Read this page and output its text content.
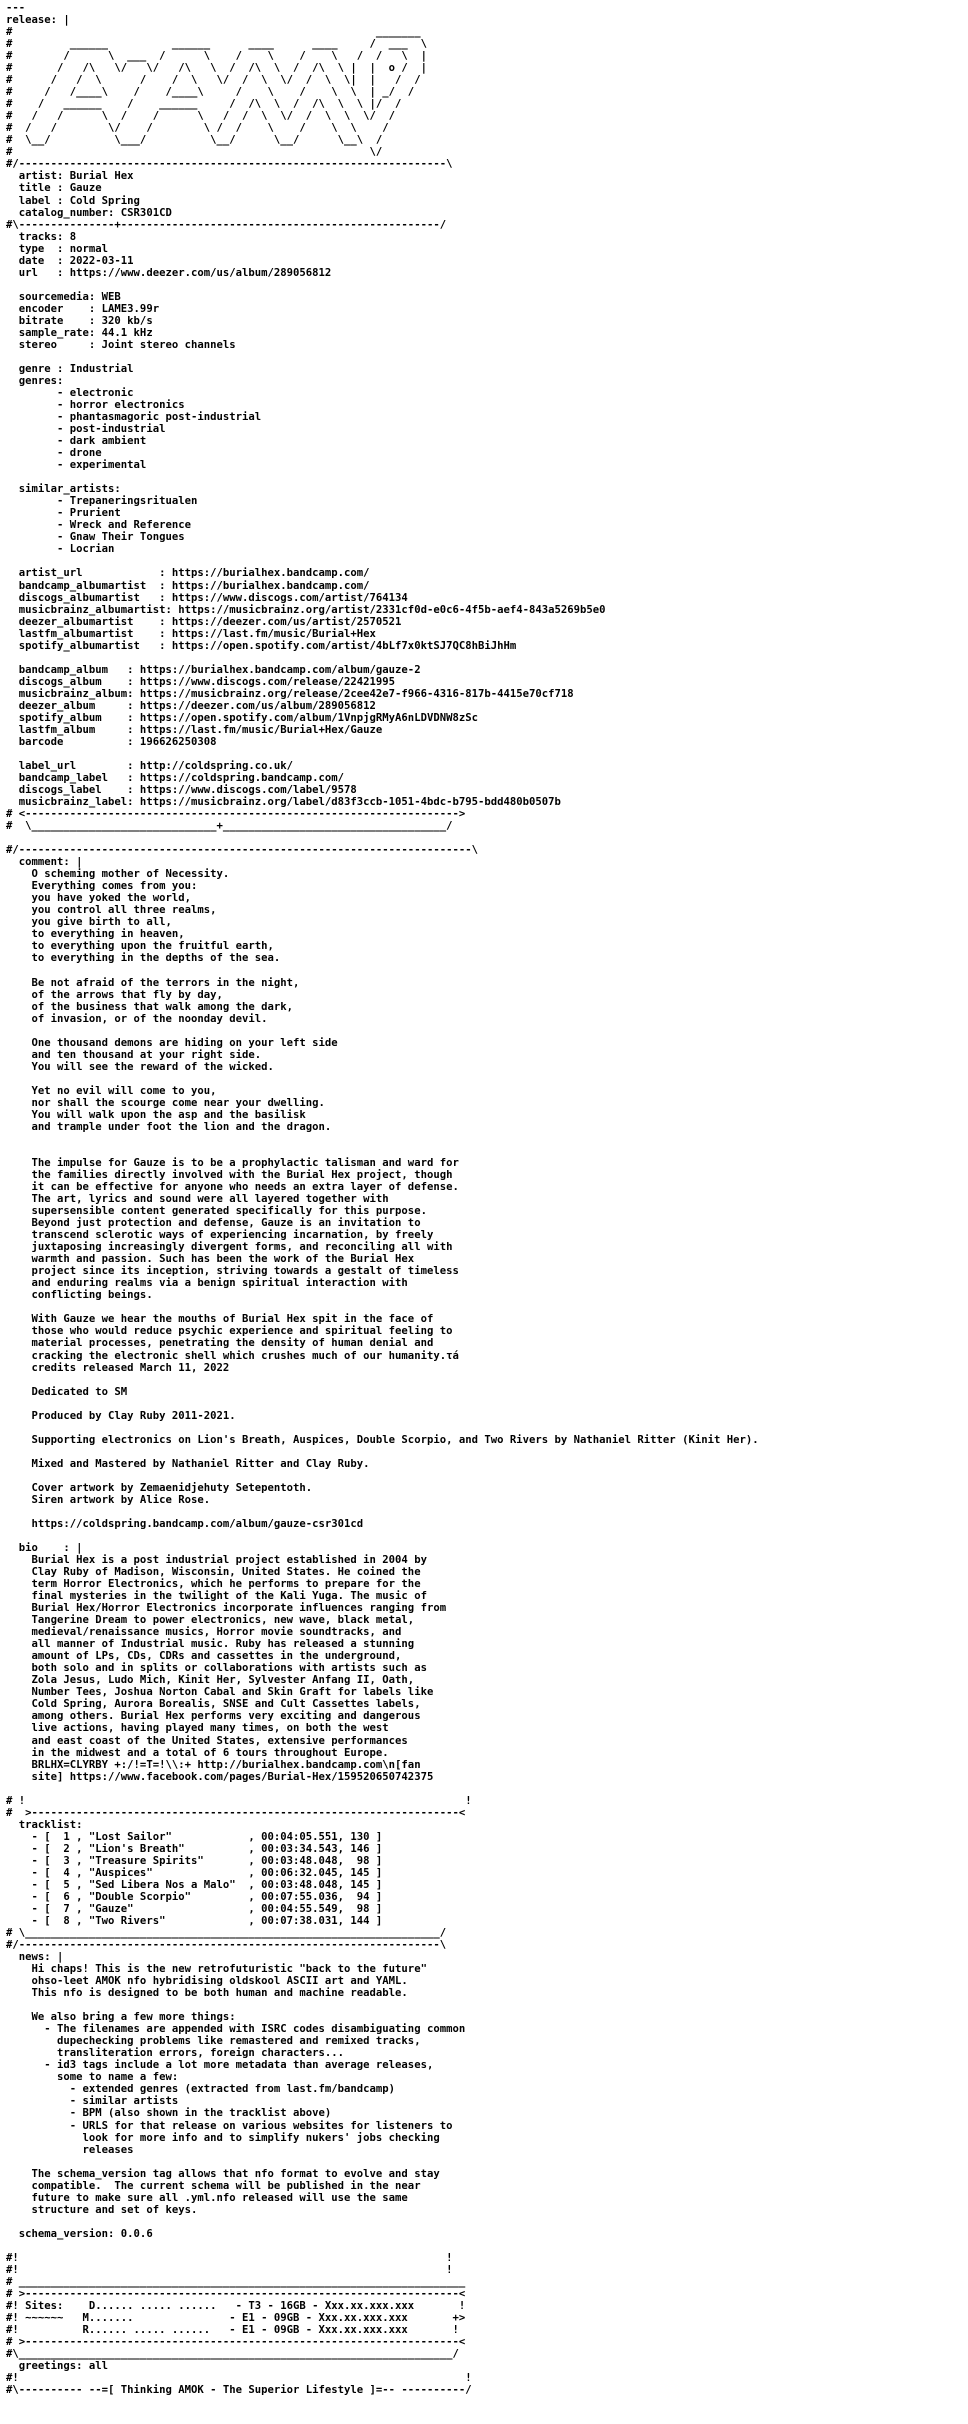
---
release: |
#                                                         _______
#         ______          ______      ____      ____     /  ___  \
#        /      \  ___  /      \    /    \    /    \   /  /   \  |
#       /   /\   \/   \/   /\   \  /  /\  \  /  /\  \ |  |  o /  |
#      /   /  \      /    /  \   \/  /  \  \/  /  \  \|  |   /  /
#     /   /____\    /    /____\     /    \    /    \  \  | _/  /
#    /   ______    /    ______     /  /\  \  /  /\  \  \ |/  /
#   /   /      \  /    /      \   /  /  \  \/  /  \  \  \/  /
#  /   /        \/    /        \ /  /    \    /    \  \    /
#  \__/          \___/          \__/      \__/      \__\  /
#                                                        \/
#/-------------------------------------------------------------------\
artist: Burial Hex
title : Gauze
label : Cold Spring
catalog_number: CSR301CD
#\---------------+--------------------------------------------------/
tracks: 8
type  : normal
date  : 2022-03-11
url   : https://www.deezer.com/us/album/289056812

sourcemedia: WEB
encoder    : LAME3.99r
bitrate    : 320 kb/s
sample_rate: 44.1 kHz
stereo     : Joint stereo channels

genre : Industrial
genres:
- electronic
- horror electronics
- phantasmagoric post-industrial
- post-industrial
- dark ambient
- drone
- experimental

similar_artists:
- Trepaneringsritualen
- Prurient
- Wreck and Reference
- Gnaw Their Tongues
- Locrian

artist_url            : https://burialhex.bandcamp.com/
bandcamp_albumartist  : https://burialhex.bandcamp.com/
discogs_albumartist   : https://www.discogs.com/artist/764134
musicbrainz_albumartist: https://musicbrainz.org/artist/2331cf0d-e0c6-4f5b-aef4-843a5269b5e0
deezer_albumartist    : https://deezer.com/us/artist/2570521
lastfm_albumartist    : https://last.fm/music/Burial+Hex
spotify_albumartist   : https://open.spotify.com/artist/4bLf7x0ktSJ7QC8hBiJhHm

bandcamp_album   : https://burialhex.bandcamp.com/album/gauze-2
discogs_album    : https://www.discogs.com/release/22421995
musicbrainz_album: https://musicbrainz.org/release/2cee42e7-f966-4316-817b-4415e70cf718
deezer_album     : https://deezer.com/us/album/289056812
spotify_album    : https://open.spotify.com/album/1VnpjgRMyA6nLDVDNW8zSc
lastfm_album     : https://last.fm/music/Burial+Hex/Gauze
barcode          : 196626250308

label_url        : http://coldspring.co.uk/
bandcamp_label   : https://coldspring.bandcamp.com/
discogs_label    : https://www.discogs.com/label/9578
musicbrainz_label: https://musicbrainz.org/label/d83f3ccb-1051-4bdc-b795-bdd480b0507b
# <-------------------------------------------------------------------->
#  \_____________________________+___________________________________/

#/-----------------------------------------------------------------------\
comment: |
O scheming mother of Necessity.
Everything comes from you:
you have yoked the world,
you control all three realms,
you give birth to all,
to everything in heaven,
to everything upon the fruitful earth,
to everything in the depths of the sea.

Be not afraid of the terrors in the night,
of the arrows that fly by day,
of the business that walk among the dark,
of invasion, or of the noonday devil.

One thousand demons are hiding on your left side
and ten thousand at your right side.
You will see the reward of the wicked.

Yet no evil will come to you,
nor shall the scourge come near your dwelling.
You will walk upon the asp and the basilisk
and trample under foot the lion and the dragon.

The impulse for Gauze is to be a prophylactic talisman and ward for
the families directly involved with the Burial Hex project, though
it can be effective for anyone who needs an extra layer of defense.
The art, lyrics and sound were all layered together with
supersensible content generated specifically for this purpose.
Beyond just protection and defense, Gauze is an invitation to
transcend sclerotic ways of experiencing incarnation, by freely
juxtaposing increasingly divergent forms, and reconciling all with
warmth and passion. Such has been the work of the Burial Hex
project since its inception, striving towards a gestalt of timeless
and enduring realms via a benign spiritual interaction with
conflicting beings.

With Gauze we hear the mouths of Burial Hex spit in the face of
those who would reduce psychic experience and spiritual feeling to
material processes, penetrating the density of human denial and
cracking the electronic shell which crushes much of our humanity.τá
credits released March 11, 2022

Dedicated to SM

Produced by Clay Ruby 2011-2021.

Supporting electronics on Lion's Breath, Auspices, Double Scorpio, and Two Rivers by Nathaniel Ritter (Kinit Her).

Mixed and Mastered by Nathaniel Ritter and Clay Ruby.

Cover artwork by Zemaenidjehuty Setepentoth.
Siren artwork by Alice Rose.

https://coldspring.bandcamp.com/album/gauze-csr301cd

bio    : |
Burial Hex is a post industrial project established in 2004 by
Clay Ruby of Madison, Wisconsin, United States. He coined the
term Horror Electronics, which he performs to prepare for the
final mysteries in the twilight of the Kali Yuga. The music of
Burial Hex/Horror Electronics incorporate influences ranging from
Tangerine Dream to power electronics, new wave, black metal,
medieval/renaissance musics, Horror movie soundtracks, and
all manner of Industrial music. Ruby has released a stunning
amount of LPs, CDs, CDRs and cassettes in the underground,
both solo and in splits or collaborations with artists such as
Zola Jesus, Ludo Mich, Kinit Her, Sylvester Anfang II, Oath,
Number Tees, Joshua Norton Cabal and Skin Graft for labels like
Cold Spring, Aurora Borealis, SNSE and Cult Cassettes labels,
among others. Burial Hex performs very exciting and dangerous
live actions, having played many times, on both the west
and east coast of the United States, extensive performances
in the midwest and a total of 6 tours throughout Europe.
BRLHX=CLYRBY +:/!=T=!\\:+ http://burialhex.bandcamp.com\n[fan
site] https://www.facebook.com/pages/Burial-Hex/159520650742375

# !                                                                     !
#  >-------------------------------------------------------------------<
tracklist:
- [  1 , "Lost Sailor"            , 00:04:05.551, 130 ]
- [  2 , "Lion's Breath"          , 00:03:34.543, 146 ]
- [  3 , "Treasure Spirits"       , 00:03:48.048,  98 ]
- [  4 , "Auspices"               , 00:06:32.045, 145 ]
- [  5 , "Sed Libera Nos a Malo"  , 00:03:48.048, 145 ]
- [  6 , "Double Scorpio"         , 00:07:55.036,  94 ]
- [  7 , "Gauze"                  , 00:04:55.549,  98 ]
- [  8 , "Two Rivers"             , 00:07:38.031, 144 ]
# \_________________________________________________________________/
#/------------------------------------------------------------------\
news: |
Hi chaps! This is the new retrofuturistic "back to the future"
ohso-leet AMOK nfo hybridising oldskool ASCII art and YAML.
This nfo is designed to be both human and machine readable.

We also bring a few more things:
- The filenames are appended with ISRC codes disambiguating common
dupechecking problems like remastered and remixed tracks,
transliteration errors, foreign characters...
- id3 tags include a lot more metadata than average releases,
some to name a few:
- extended genres (extracted from last.fm/bandcamp)
- similar artists
- BPM (also shown in the tracklist above)
- URLS for that release on various websites for listeners to
look for more info and to simplify nukers' jobs checking
releases

The schema_version tag allows that nfo format to evolve and stay
compatible.  The current schema will be published in the near
future to make sure all .yml.nfo released will use the same
structure and set of keys.

schema_version: 0.0.6

#!                                                                   !
#!                                                                   !
# ______________________________________________________________________
# >--------------------------------------------------------------------<
#! Sites:    D...... ..... ......   - T3 - 16GB - Xxx.xx.xxx.xxx       !
#! ~~~~~~   M.......               - E1 - 09GB - Xxx.xx.xxx.xxx       +>
#!          R...... ..... ......   - E1 - 09GB - Xxx.xx.xxx.xxx       !
# >--------------------------------------------------------------------<
#\____________________________________________________________________/
greetings: all
#!                                                                      !
#\---------- --=[ Thinking AMOK - The Superior Lifestyle ]=-- ----------/
